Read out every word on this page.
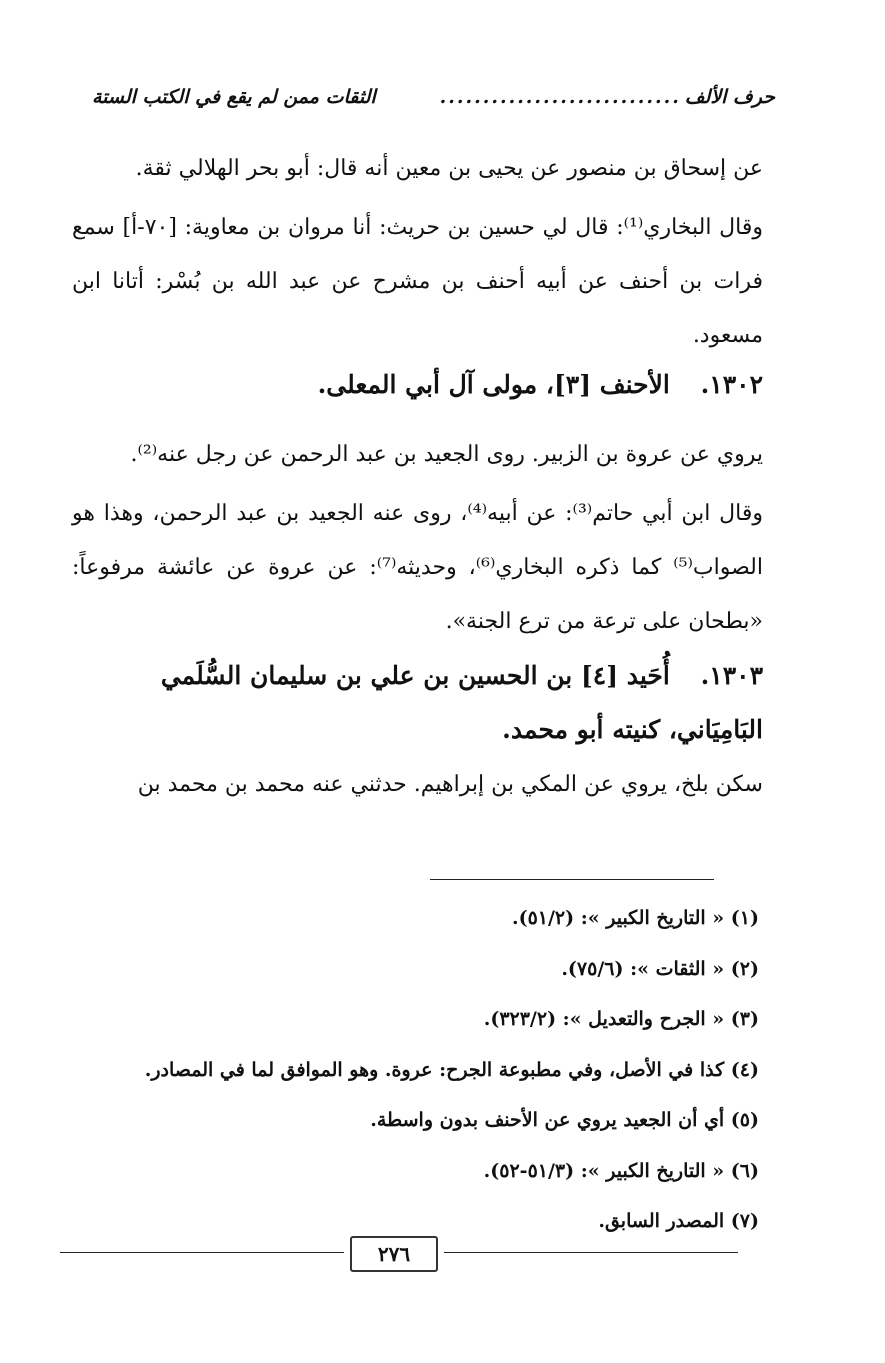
حرف الألف
............................
الثقات ممن لم يقع في الكتب الستة
عن إسحاق بن منصور عن يحيى بن معين أنه قال: أبو بحر الهلالي ثقة.
وقال البخاري⁽¹⁾: قال لي حسين بن حريث: أنا مروان بن معاوية: [٧٠-أ] سمع فرات بن أحنف عن أبيه أحنف بن مشرح عن عبد الله بن بُسْر: أتانا ابن مسعود.
١٣٠٢. الأحنف [٣]، مولى آل أبي المعلى.
يروي عن عروة بن الزبير. روى الجعيد بن عبد الرحمن عن رجل عنه⁽²⁾.
وقال ابن أبي حاتم⁽³⁾: عن أبيه⁽⁴⁾، روى عنه الجعيد بن عبد الرحمن، وهذا هو الصواب⁽⁵⁾ كما ذكره البخاري⁽⁶⁾، وحديثه⁽⁷⁾: عن عروة عن عائشة مرفوعاً: «بطحان على ترعة من ترع الجنة».
١٣٠٣. أُحَيد [٤] بن الحسين بن علي بن سليمان السُّلَمي البَامِيَاني، كنيته أبو محمد.
سكن بلخ، يروي عن المكي بن إبراهيم. حدثني عنه محمد بن محمد بن
(١) « التاريخ الكبير »: (٥١/٢).
(٢) « الثقات »: (٧٥/٦).
(٣) « الجرح والتعديل »: (٣٢٣/٢).
(٤) كذا في الأصل، وفي مطبوعة الجرح: عروة. وهو الموافق لما في المصادر.
(٥) أي أن الجعيد يروي عن الأحنف بدون واسطة.
(٦) « التاريخ الكبير »: (٥١/٣-٥٢).
(٧) المصدر السابق.
٢٧٦
